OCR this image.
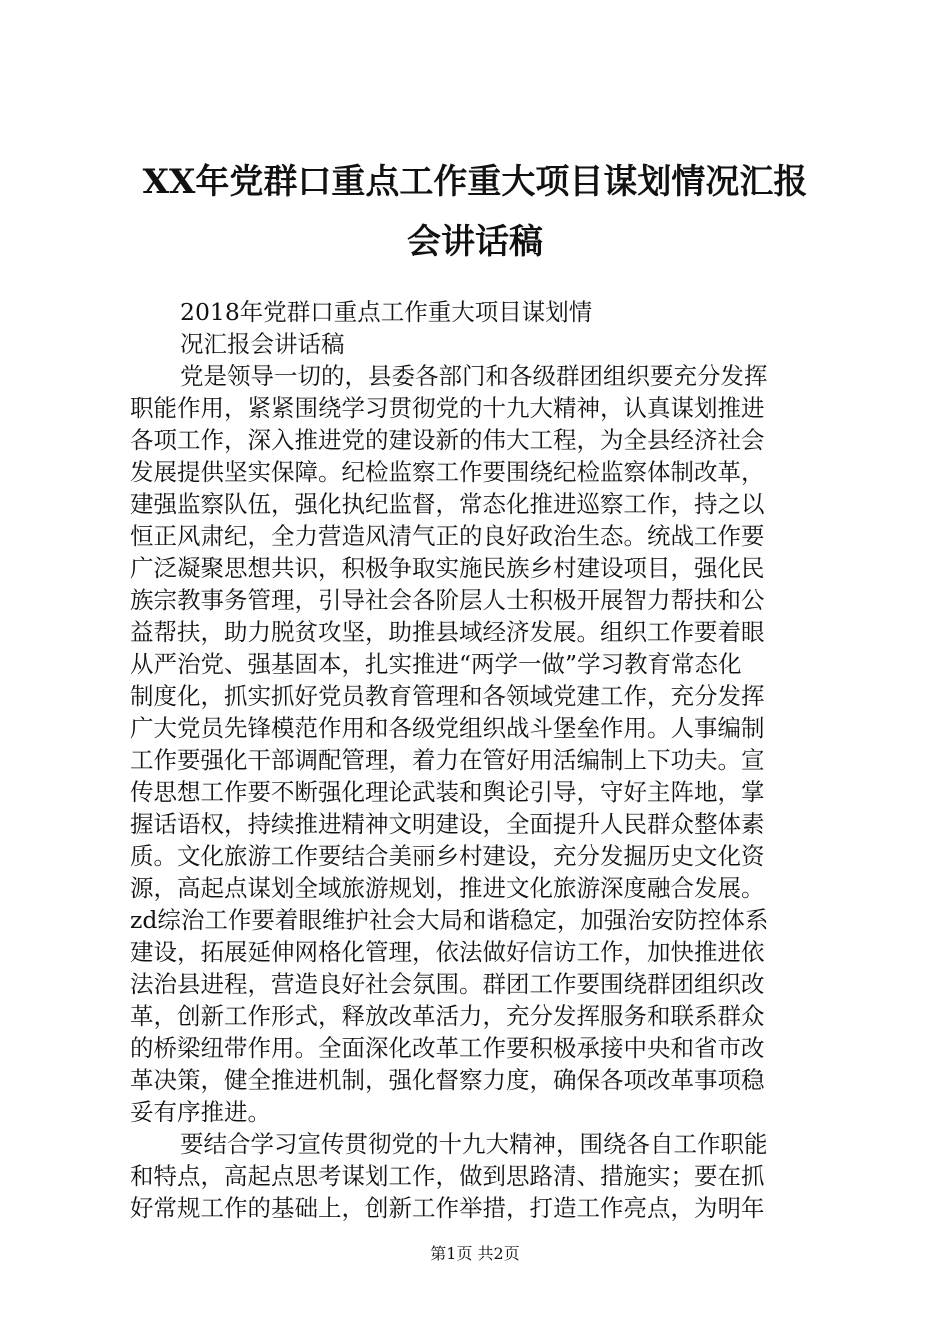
XX年党群口重点工作重大项目谋划情况汇报
会讲话稿
2018年党群口重点工作重大项目谋划情
况汇报会讲话稿
党是领导一切的，县委各部门和各级群团组织要充分发挥
职能作用，紧紧围绕学习贯彻党的十九大精神，认真谋划推进
各项工作，深入推进党的建设新的伟大工程，为全县经济社会
发展提供坚实保障。纪检监察工作要围绕纪检监察体制改革，
建强监察队伍，强化执纪监督，常态化推进巡察工作，持之以
恒正风肃纪，全力营造风清气正的良好政治生态。统战工作要
广泛凝聚思想共识，积极争取实施民族乡村建设项目，强化民
族宗教事务管理，引导社会各阶层人士积极开展智力帮扶和公
益帮扶，助力脱贫攻坚，助推县域经济发展。组织工作要着眼
从严治党、强基固本，扎实推进“两学一做”学习教育常态化
制度化，抓实抓好党员教育管理和各领域党建工作，充分发挥
广大党员先锋模范作用和各级党组织战斗堡垒作用。人事编制
工作要强化干部调配管理，着力在管好用活编制上下功夫。宣
传思想工作要不断强化理论武装和舆论引导，守好主阵地，掌
握话语权，持续推进精神文明建设，全面提升人民群众整体素
质。文化旅游工作要结合美丽乡村建设，充分发掘历史文化资
源，高起点谋划全域旅游规划，推进文化旅游深度融合发展。
zd综治工作要着眼维护社会大局和谐稳定，加强治安防控体系
建设，拓展延伸网格化管理，依法做好信访工作，加快推进依
法治县进程，营造良好社会氛围。群团工作要围绕群团组织改
革，创新工作形式，释放改革活力，充分发挥服务和联系群众
的桥梁纽带作用。全面深化改革工作要积极承接中央和省市改
革决策，健全推进机制，强化督察力度，确保各项改革事项稳
妥有序推进。
要结合学习宣传贯彻党的十九大精神，围绕各自工作职能
和特点，高起点思考谋划工作，做到思路清、措施实；要在抓
好常规工作的基础上，创新工作举措，打造工作亮点，为明年
第1页 共2页
